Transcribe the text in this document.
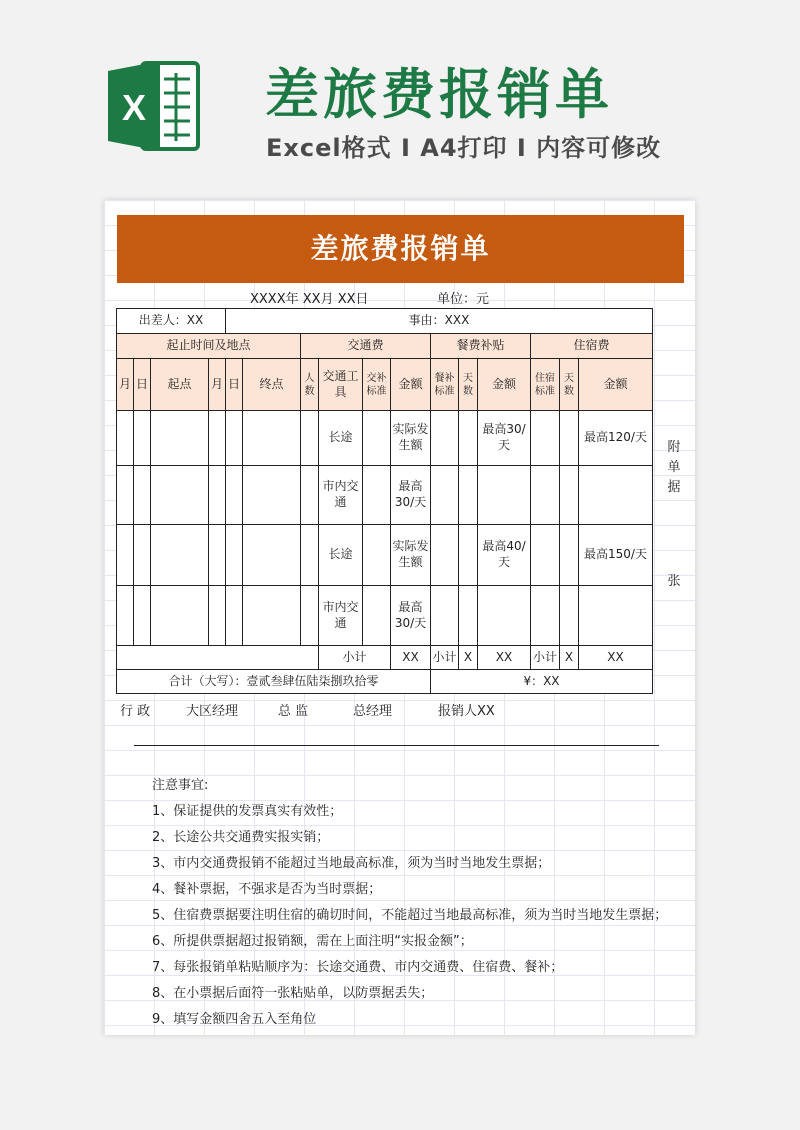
X 差旅费报销单
Excel格式 I A4打印 I 内容可修改
差旅费报销单
XXXX年 XX月 XX日	单位：元
出差人：XX				事由：XXX											
起止时间及地点						交通费				餐费补贴			住宿费		
月	日	起点	月	日	终点	人数	交通工具	交补标准	金额	餐补标准	天数	金额	住宿标准	天数	金额
							长途		实际发生额			最高30/天			最高120/天
							市内交通		最高30/天						
							长途		实际发生额			最高40/天			最高150/天
							市内交通		最高30/天						
							小计		XX	小计	X	XX	小计	X	XX
合计（大写）：壹贰叁肆伍陆柒捌玖拾零										¥：XX					
附单据
张
行 政	大区经理	总 监	总经理	报销人XX
注意事宜:
1、保证提供的发票真实有效性；
2、长途公共交通费实报实销；
3、市内交通费报销不能超过当地最高标准，须为当时当地发生票据；
4、餐补票据，不强求是否为当时票据；
5、住宿费票据要注明住宿的确切时间，不能超过当地最高标准，须为当时当地发生票据；
6、所提供票据超过报销额，需在上面注明“实报金额”；
7、每张报销单粘贴顺序为：长途交通费、市内交通费、住宿费、餐补；
8、在小票据后面符一张粘贴单，以防票据丢失；
9、填写金额四舍五入至角位
